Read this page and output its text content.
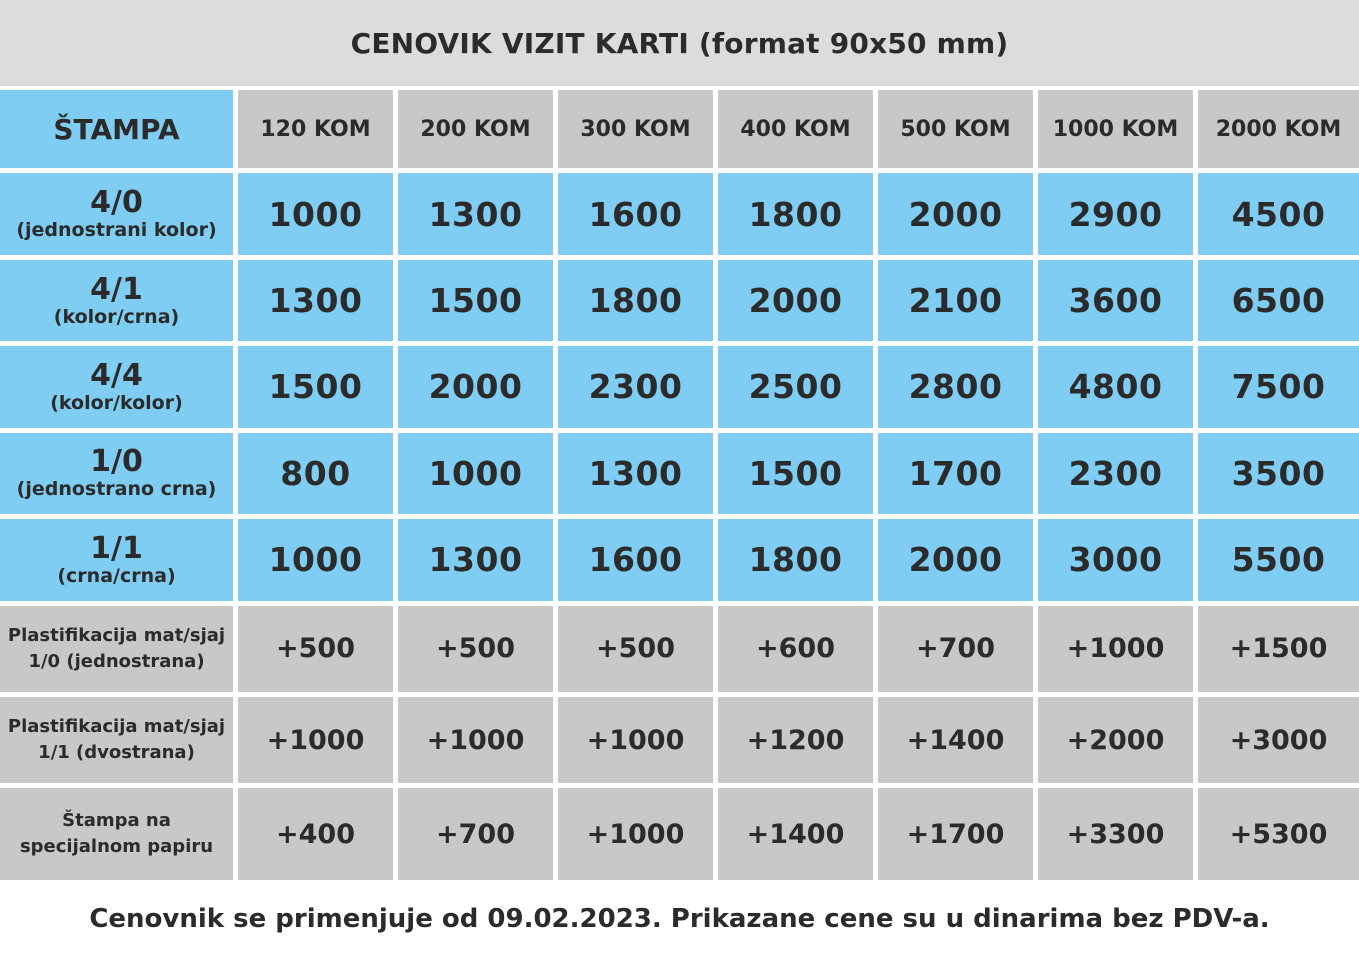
CENOVIK VIZIT KARTI (format 90x50 mm)
ŠTAMPA	120 KOM	200 KOM	300 KOM	400 KOM	500 KOM	1000 KOM	2000 KOM

4/0
(jednostrani kolor)	1000	1300	1600	1800	2000	2900	4500

4/1
(kolor/crna)	1300	1500	1800	2000	2100	3600	6500

4/4
(kolor/kolor)	1500	2000	2300	2500	2800	4800	7500

1/0
(jednostrano crna)	800	1000	1300	1500	1700	2300	3500

1/1
(crna/crna)	1000	1300	1600	1800	2000	3000	5500

Plastifikacija mat/sjaj
1/0 (jednostrana)	+500	+500	+500	+600	+700	+1000	+1500

Plastifikacija mat/sjaj
1/1 (dvostrana)	+1000	+1000	+1000	+1200	+1400	+2000	+3000

Štampa na
specijalnom papiru	+400	+700	+1000	+1400	+1700	+3300	+5300
Cenovnik se primenjuje od 09.02.2023. Prikazane cene su u dinarima bez PDV-a.
